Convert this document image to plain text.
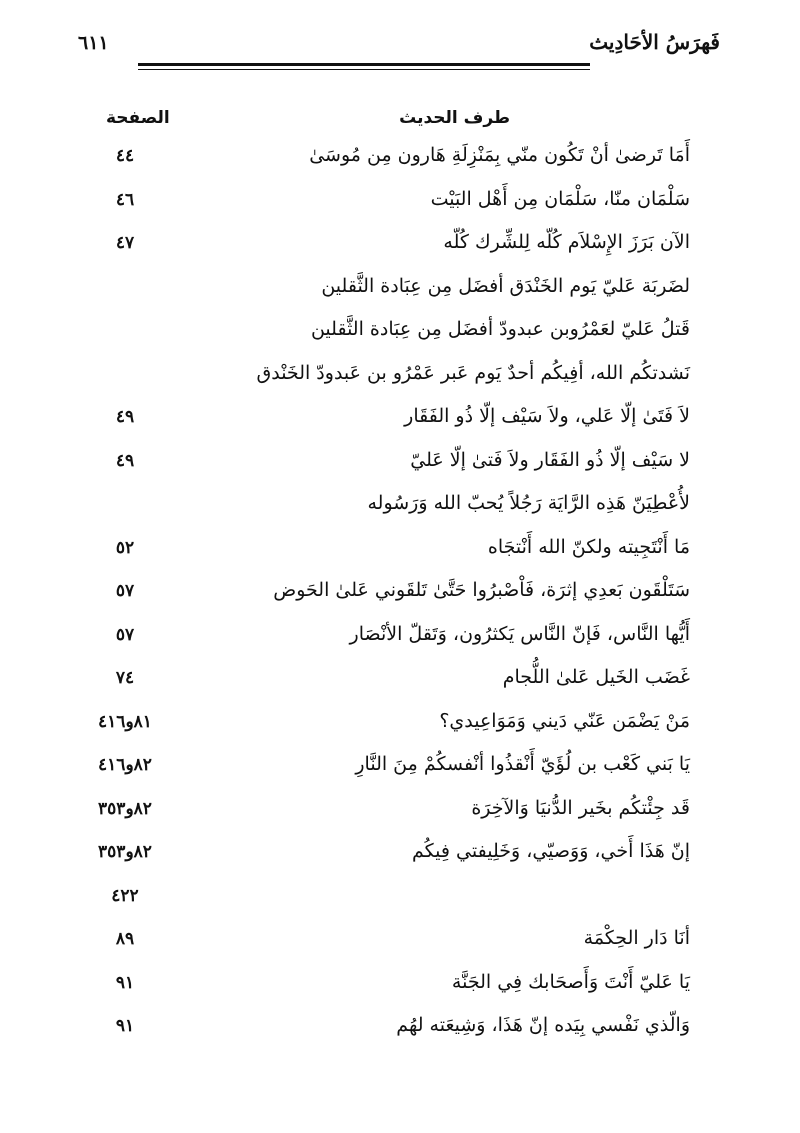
فَهرَسُ الأحَادِيث
٦١١
طرف الحديث
الصفحة
أَمَا تَرضىٰ أنْ تَكُون منّي بِمَنْزِلَةِ هَارون مِن مُوسَىٰ
٤٤
سَلْمَان منّا، سَلْمَان مِن أَهْل البَيْت
٤٦
الآن بَرَزَ الإِسْلاَم كُلّه لِلشِّرك كُلّه
٤٧
لضَربَة عَليّ يَوم الخَنْدَق أفضَل مِن عِبَادة الثَّقلين
قَتلُ عَليّ لعَمْرُوبن عبدودّ أفضَل مِن عِبَادة الثَّقلين
نَشدتكُم الله، أفِيكُم أحدٌ يَوم عَبر عَمْرُو بن عَبدودّ الخَنْدق
لاَ فَتَىٰ إلّا عَلي، ولاَ سَيْف إلّا ذُو الفَقَار
٤٩
لا سَيْف إلّا ذُو الفَقَار ولاَ فَتىٰ إلّا عَليّ
٤٩
لأُعْطِيَنّ هَذِه الرَّايَة رَجُلاً يُحبّ الله وَرَسُوله
مَا أَنْتَجِيته ولكنّ الله أَنْتجَاه
٥٢
سَتَلْقَون بَعدِي إثرَة، فَاْصْبرُوا حَتَّىٰ تَلقَوني عَلىٰ الحَوض
٥٧
أَيُّها النَّاس، فَإنّ النَّاس يَكثرُون، وَتَقلّ الأنْصَار
٥٧
غَضَب الخَيل عَلىٰ اللُّجام
٧٤
مَنْ يَضْمَن عَنّي دَيني وَمَوَاعِيدي؟
٨١و٤١٦
يَا بَني كَعْب بن لُؤَيّ أَنْقذُوا أنْفسكُمْ مِنَ النَّارِ
٨٢و٤١٦
قَد جِئْتكُم بخَير الدُّنيَا وَالآخِرَة
٨٢و٣٥٣
إنّ هَذَا أَخي، وَوَصيّي، وَخَلِيفتي فِيكُم
٨٢و٣٥٣
٤٢٢
أنَا دَار الحِكْمَة
٨٩
يَا عَليّ أَنْتَ وَأَصحَابك فِي الجَنَّة
٩١
وَالّذي نَفْسي بِيَده إنّ هَذَا، وَشِيعَته لهُم
٩١
